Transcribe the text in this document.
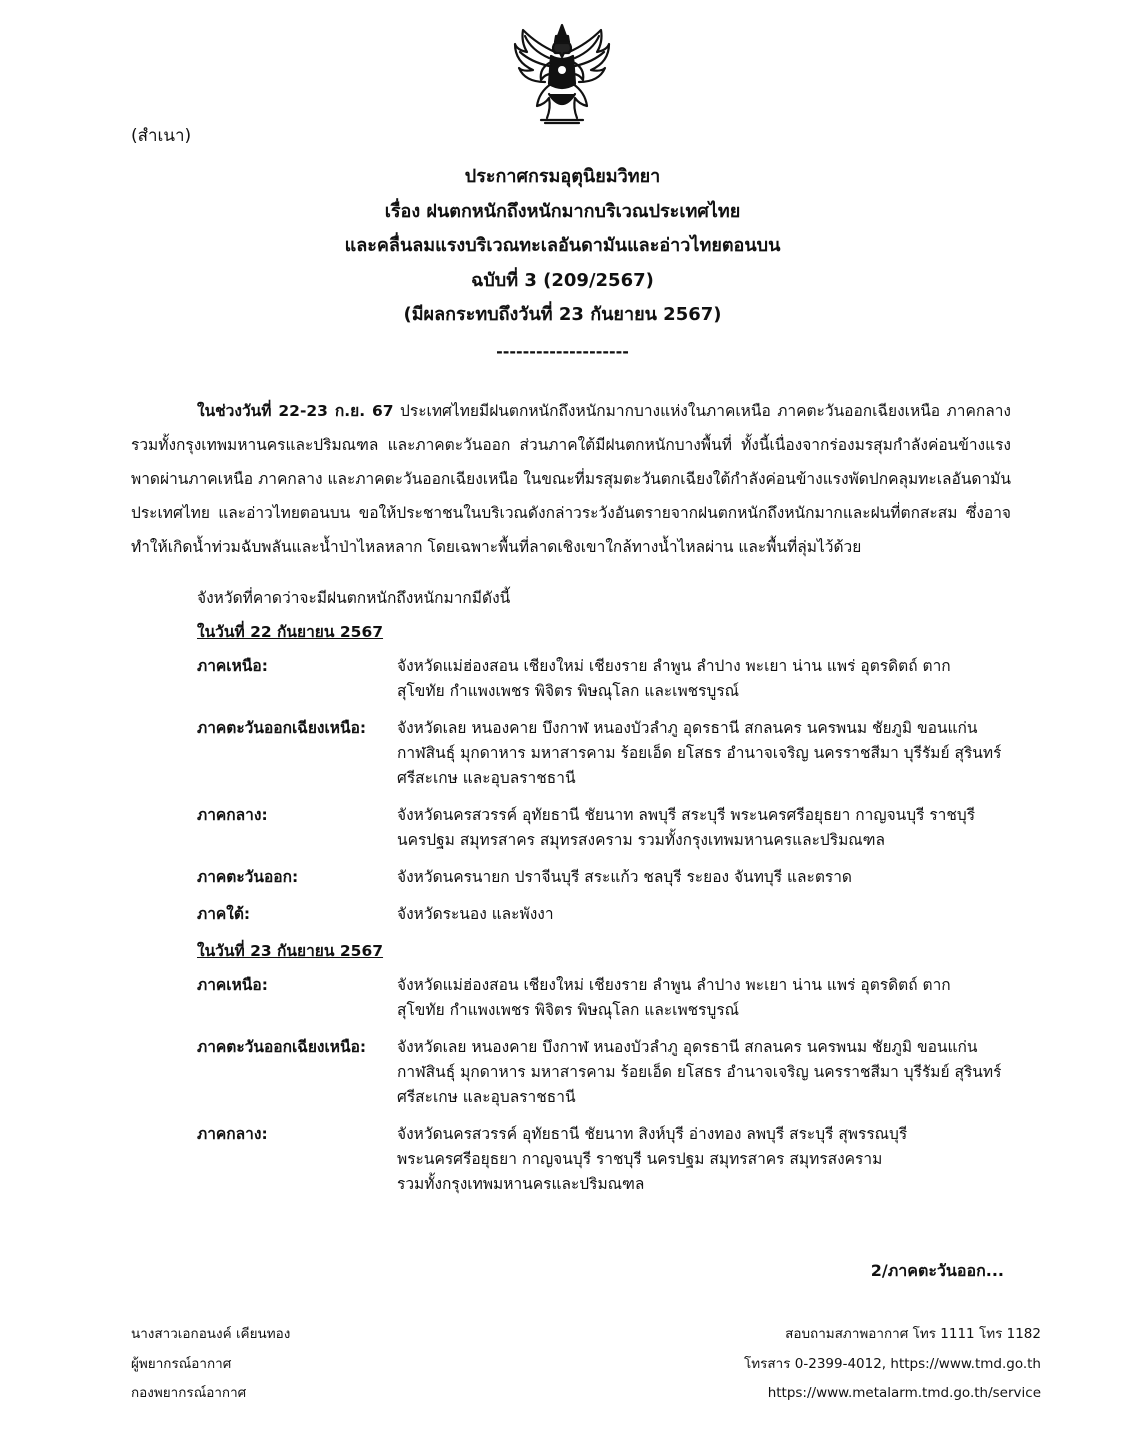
(สำเนา)
ประกาศกรมอุตุนิยมวิทยา
เรื่อง ฝนตกหนักถึงหนักมากบริเวณประเทศไทย
และคลื่นลมแรงบริเวณทะเลอันดามันและอ่าวไทยตอนบน
ฉบับที่ 3 (209/2567)
(มีผลกระทบถึงวันที่ 23 กันยายน 2567)
--------------------
ในช่วงวันที่ 22-23 ก.ย. 67 ประเทศไทยมีฝนตกหนักถึงหนักมากบางแห่งในภาคเหนือ ภาคตะวันออกเฉียงเหนือ ภาคกลาง รวมทั้งกรุงเทพมหานครและปริมณฑล และภาคตะวันออก ส่วนภาคใต้มีฝนตกหนักบางพื้นที่ ทั้งนี้เนื่องจากร่องมรสุมกำลังค่อนข้างแรงพาดผ่านภาคเหนือ ภาคกลาง และภาคตะวันออกเฉียงเหนือ ในขณะที่มรสุมตะวันตกเฉียงใต้กำลังค่อนข้างแรงพัดปกคลุมทะเลอันดามัน ประเทศไทย และอ่าวไทยตอนบน ขอให้ประชาชนในบริเวณดังกล่าวระวังอันตรายจากฝนตกหนักถึงหนักมากและฝนที่ตกสะสม ซึ่งอาจทำให้เกิดน้ำท่วมฉับพลันและน้ำป่าไหลหลาก โดยเฉพาะพื้นที่ลาดเชิงเขาใกล้ทางน้ำไหลผ่าน และพื้นที่ลุ่มไว้ด้วย
จังหวัดที่คาดว่าจะมีฝนตกหนักถึงหนักมากมีดังนี้
ในวันที่ 22 กันยายน 2567
ภาคเหนือ:	จังหวัดแม่ฮ่องสอน เชียงใหม่ เชียงราย ลำพูน ลำปาง พะเยา น่าน แพร่ อุตรดิตถ์ ตาก
สุโขทัย กำแพงเพชร พิจิตร พิษณุโลก และเพชรบูรณ์
ภาคตะวันออกเฉียงเหนือ:	จังหวัดเลย หนองคาย บึงกาฬ หนองบัวลำภู อุดรธานี สกลนคร นครพนม ชัยภูมิ ขอนแก่น
กาฬสินธุ์ มุกดาหาร มหาสารคาม ร้อยเอ็ด ยโสธร อำนาจเจริญ นครราชสีมา บุรีรัมย์ สุรินทร์
ศรีสะเกษ และอุบลราชธานี
ภาคกลาง:	จังหวัดนครสวรรค์ อุทัยธานี ชัยนาท ลพบุรี สระบุรี พระนครศรีอยุธยา กาญจนบุรี ราชบุรี
นครปฐม สมุทรสาคร สมุทรสงคราม รวมทั้งกรุงเทพมหานครและปริมณฑล
ภาคตะวันออก:	จังหวัดนครนายก ปราจีนบุรี สระแก้ว ชลบุรี ระยอง จันทบุรี และตราด
ภาคใต้:	จังหวัดระนอง และพังงา
ในวันที่ 23 กันยายน 2567
ภาคเหนือ:	จังหวัดแม่ฮ่องสอน เชียงใหม่ เชียงราย ลำพูน ลำปาง พะเยา น่าน แพร่ อุตรดิตถ์ ตาก
สุโขทัย กำแพงเพชร พิจิตร พิษณุโลก และเพชรบูรณ์
ภาคตะวันออกเฉียงเหนือ:	จังหวัดเลย หนองคาย บึงกาฬ หนองบัวลำภู อุดรธานี สกลนคร นครพนม ชัยภูมิ ขอนแก่น
กาฬสินธุ์ มุกดาหาร มหาสารคาม ร้อยเอ็ด ยโสธร อำนาจเจริญ นครราชสีมา บุรีรัมย์ สุรินทร์
ศรีสะเกษ และอุบลราชธานี
ภาคกลาง:	จังหวัดนครสวรรค์ อุทัยธานี ชัยนาท สิงห์บุรี อ่างทอง ลพบุรี สระบุรี สุพรรณบุรี
พระนครศรีอยุธยา กาญจนบุรี ราชบุรี นครปฐม สมุทรสาคร สมุทรสงคราม
รวมทั้งกรุงเทพมหานครและปริมณฑล
2/ภาคตะวันออก...
นางสาวเอกอนงค์ เคียนทอง
ผู้พยากรณ์อากาศ
กองพยากรณ์อากาศ
สอบถามสภาพอากาศ โทร 1111 โทร 1182
โทรสาร 0-2399-4012, https://www.tmd.go.th
https://www.metalarm.tmd.go.th/service
